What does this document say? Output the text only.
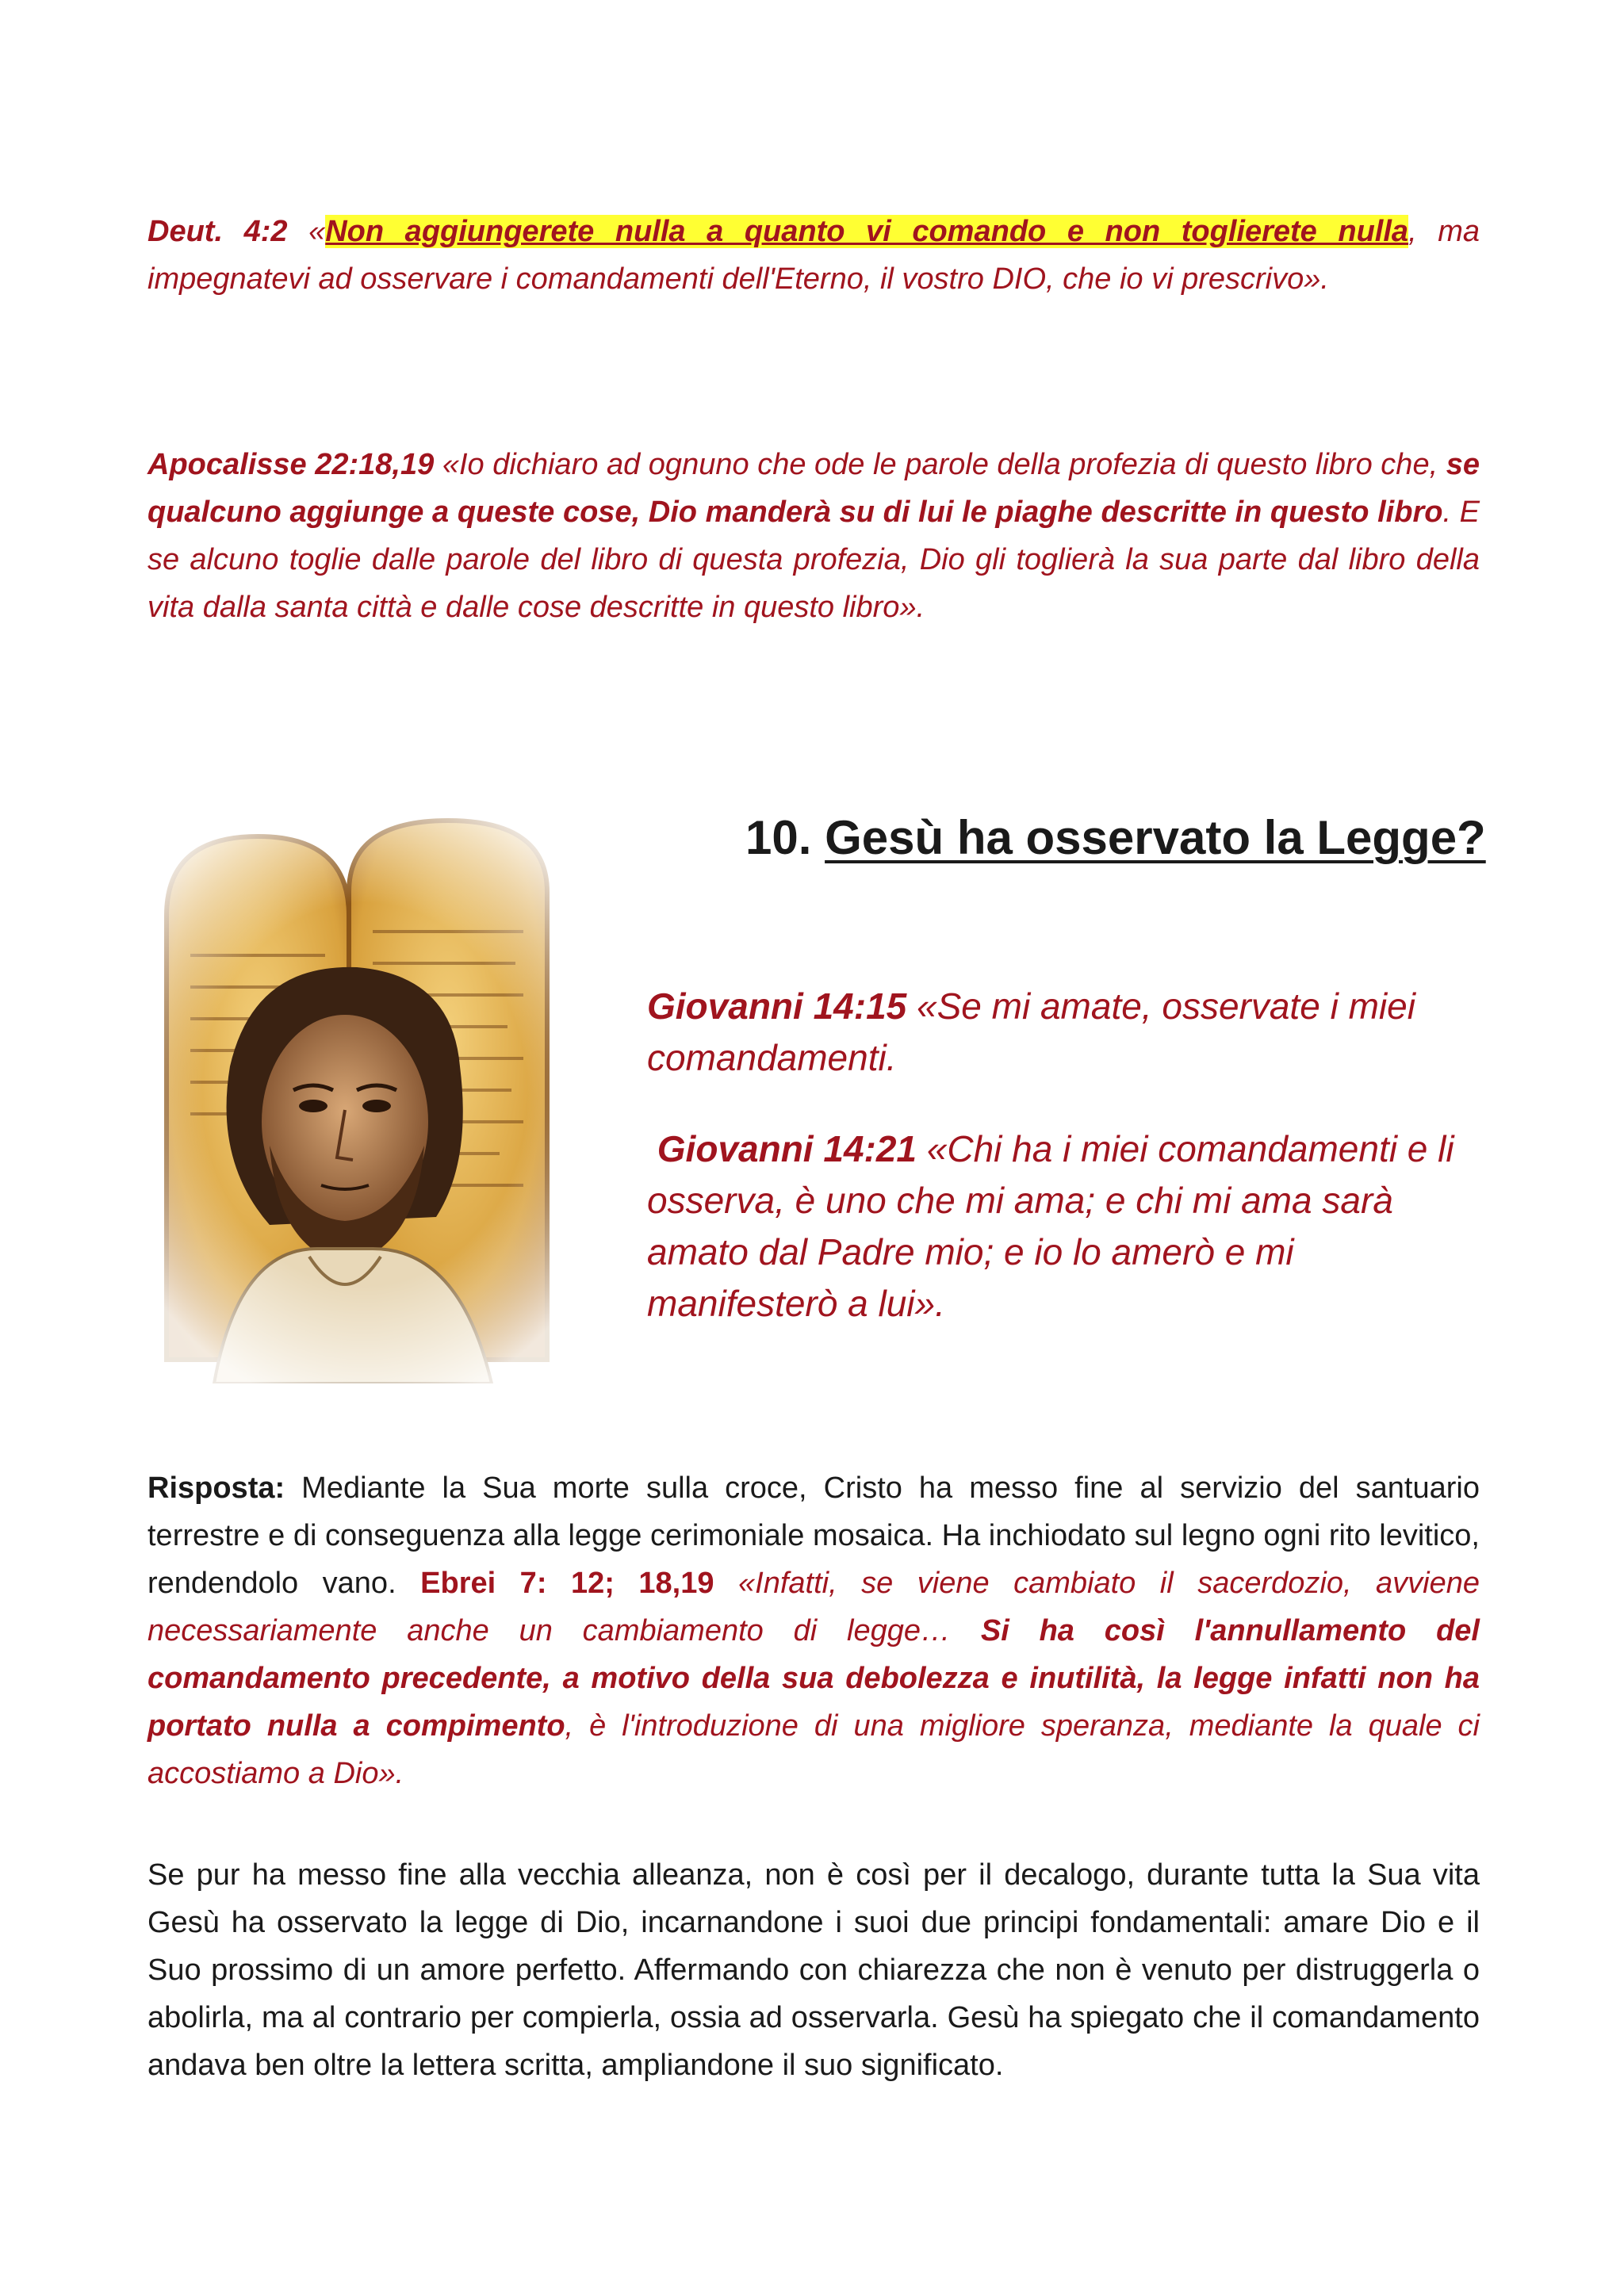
Deut. 4:2 «Non aggiungerete nulla a quanto vi comando e non toglierete nulla, ma impegnatevi ad osservare i comandamenti dell'Eterno, il vostro DIO, che io vi prescrivo».
Apocalisse 22:18,19 «Io dichiaro ad ognuno che ode le parole della profezia di questo libro che, se qualcuno aggiunge a queste cose, Dio manderà su di lui le piaghe descritte in questo libro. E se alcuno toglie dalle parole del libro di questa profezia, Dio gli toglierà la sua parte dal libro della vita dalla santa città e dalle cose descritte in questo libro».
10. Gesù ha osservato la Legge?
Giovanni 14:15 «Se mi amate, osservate i miei comandamenti.
Giovanni 14:21 «Chi ha i miei comandamenti e li osserva, è uno che mi ama; e chi mi ama sarà amato dal Padre mio; e io lo amerò e mi manifesterò a lui».
Risposta: Mediante la Sua morte sulla croce, Cristo ha messo fine al servizio del santuario terrestre e di conseguenza alla legge cerimoniale mosaica. Ha inchiodato sul legno ogni rito levitico, rendendolo vano. Ebrei 7: 12; 18,19 «Infatti, se viene cambiato il sacerdozio, avviene necessariamente anche un cambiamento di legge… Si ha così l'annullamento del comandamento precedente, a motivo della sua debolezza e inutilità, la legge infatti non ha portato nulla a compimento, è l'introduzione di una migliore speranza, mediante la quale ci accostiamo a Dio».
Se pur ha messo fine alla vecchia alleanza, non è così per il decalogo, durante tutta la Sua vita Gesù ha osservato la legge di Dio, incarnandone i suoi due principi fondamentali: amare Dio e il Suo prossimo di un amore perfetto. Affermando con chiarezza che non è venuto per distruggerla o abolirla, ma al contrario per compierla, ossia ad osservarla. Gesù ha spiegato che il comandamento andava ben oltre la lettera scritta, ampliandone il suo significato.
